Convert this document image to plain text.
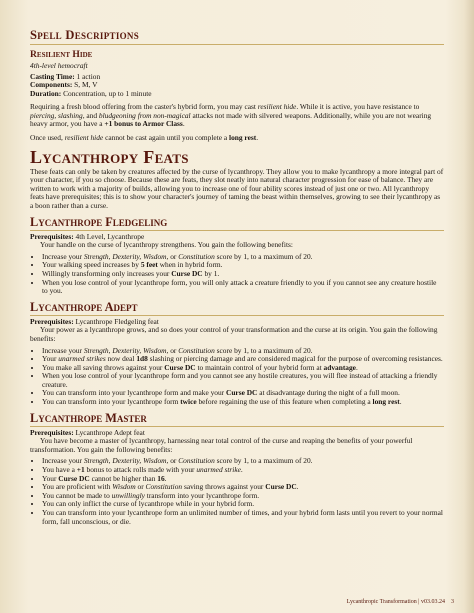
Spell Descriptions
Resilient Hide
4th-level hemocraft
Casting Time: 1 action
Components: S, M, V
Duration: Concentration, up to 1 minute

Requiring a fresh blood offering from the caster's hybrid form, you may cast resilient hide. While it is active, you have resistance to piercing, slashing, and bludgeoning from non-magical attacks not made with silvered weapons. Additionally, while you are not wearing heavy armor, you have a +1 bonus to Armor Class.

Once used, resilient hide cannot be cast again until you complete a long rest.

Lycanthropy Feats

These feats can only be taken by creatures affected by the curse of lycanthropy. They allow you to make lycanthropy a more integral part of your character, if you so choose. Because these are feats, they slot neatly into natural character progression for ease of balance. They are written to work with a majority of builds, allowing you to increase one of four ability scores instead of just one or two. All lycanthropy feats have prerequisites; this is to show your character's journey of taming the beast within themselves, growing to see their lycanthropy as a boon rather than a curse.

Lycanthrope Fledgeling
Prerequisites: 4th Level, Lycanthrope

Your handle on the curse of lycanthropy strengthens. You gain the following benefits:

• Increase your Strength, Dexterity, Wisdom, or Constitution score by 1, to a maximum of 20.
• Your walking speed increases by 5 feet when in hybrid form.
• Willingly transforming only increases your Curse DC by 1.
• When you lose control of your lycanthrope form, you will only attack a creature friendly to you if you cannot see any creature hostile to you.
Lycanthrope Adept
Prerequisites: Lycanthrope Fledgeling feat

Your power as a lycanthrope grows, and so does your control of your transformation and the curse at its origin. You gain the following benefits:

• Increase your Strength, Dexterity, Wisdom, or Constitution score by 1, to a maximum of 20.
• Your unarmed strikes now deal 1d8 slashing or piercing damage and are considered magical for the purpose of overcoming resistances.
• You make all saving throws against your Curse DC to maintain control of your hybrid form at advantage.
• When you lose control of your lycanthrope form and you cannot see any hostile creatures, you will flee instead of attacking a friendly creature.
• You can transform into your lycanthrope form and make your Curse DC at disadvantage during the night of a full moon.
• You can transform into your lycanthrope form twice before regaining the use of this feature when completing a long rest.
Lycanthrope Master
Prerequisites: Lycanthrope Adept feat

You have become a master of lycanthropy, harnessing near total control of the curse and reaping the benefits of your powerful transformation. You gain the following benefits:

• Increase your Strength, Dexterity, Wisdom, or Constitution score by 1, to a maximum of 20.
• You have a +1 bonus to attack rolls made with your unarmed strike.
• Your Curse DC cannot be higher than 16.
• You are proficient with Wisdom or Constitution saving throws against your Curse DC.
• You cannot be made to unwillingly transform into your lycanthrope form.
• You can only inflict the curse of lycanthrope while in your hybrid form.
• You can transform into your lycanthrope form an unlimited number of times, and your hybrid form lasts until you revert to your normal form, fall unconscious, or die.
Lycanthropic Transformation | v03.03.24 3
